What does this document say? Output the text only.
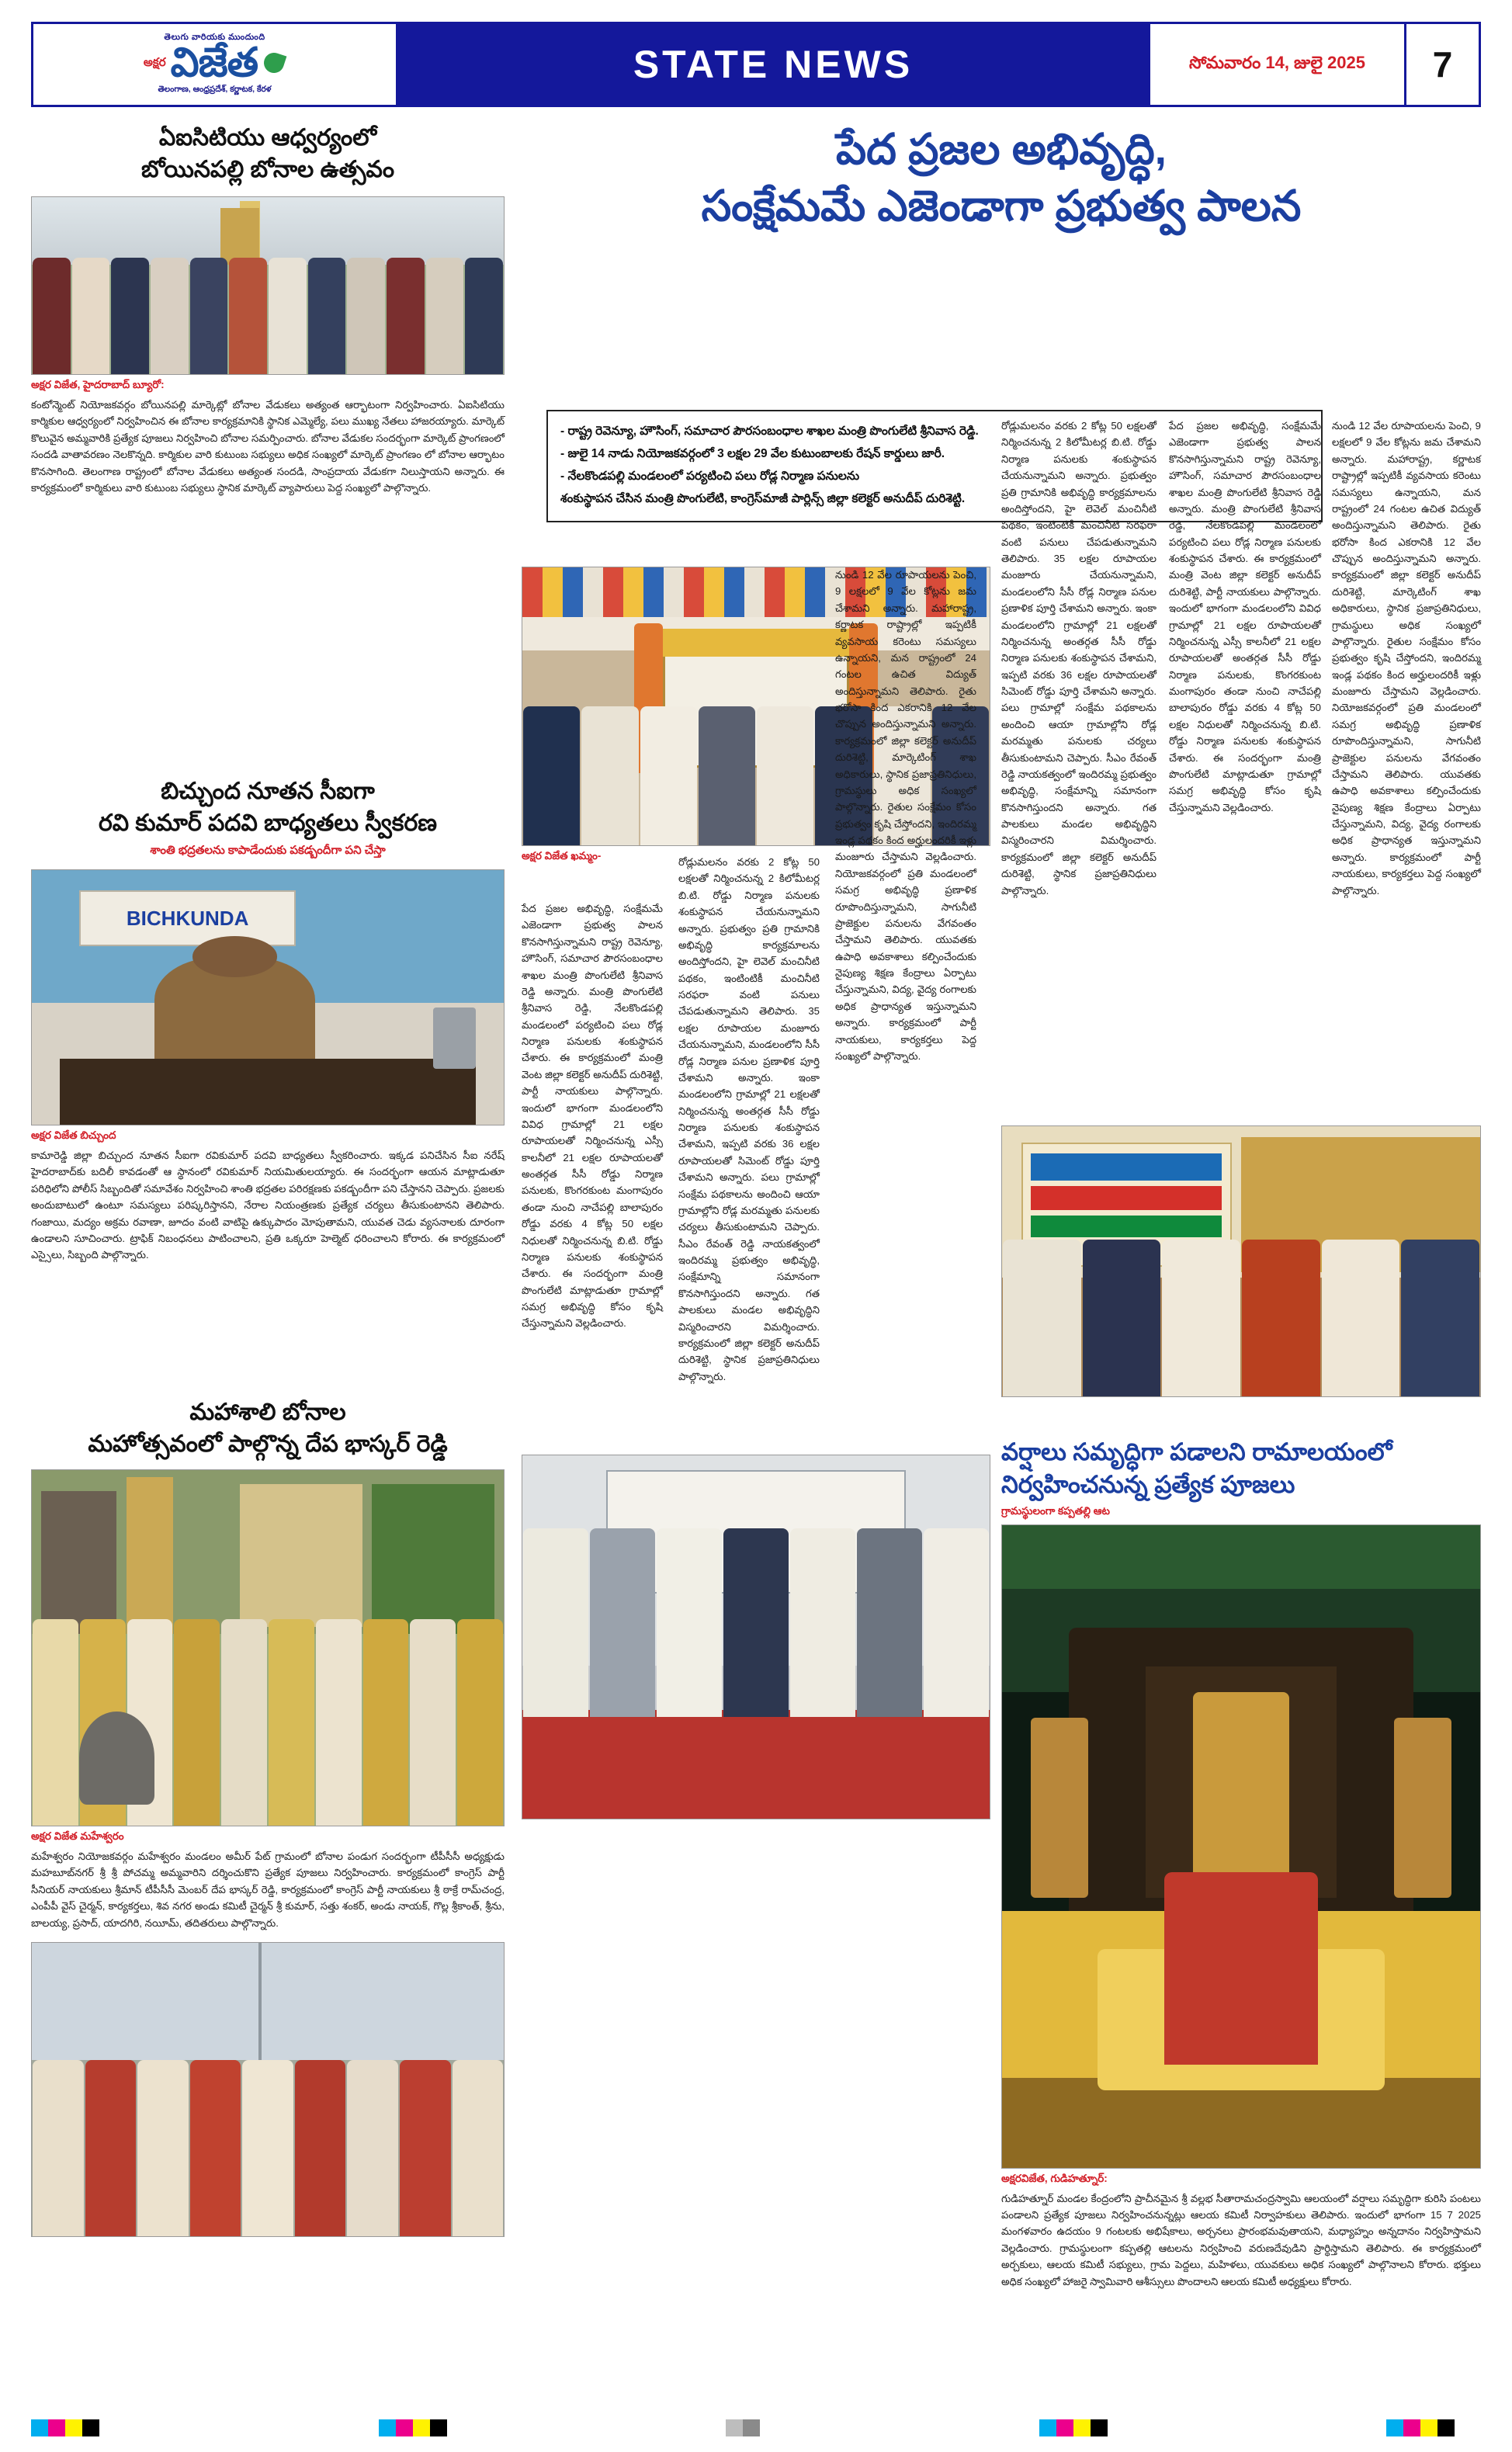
తెలుగు వారియకు ముందుంది
అక్షర విజేత
తెలంగాణ, ఆంధ్రప్రదేశ్, కర్ణాటక, కేరళ
STATE NEWS	సోమవారం 14, జులై 2025	7
ఏఐసిటియు ఆధ్వర్యంలో
బోయినపల్లి బోనాల ఉత్సవం
అక్షర విజేత, హైదరాబాద్ బ్యూరో:
కంటోన్మెంట్ నియోజకవర్గం బోయినపల్లి మార్కెట్లో బోనాల వేడుకలు అత్యంత ఆర్భాటంగా నిర్వహించారు. ఏఐసిటియు కార్మికుల ఆధ్వర్యంలో నిర్వహించిన ఈ బోనాల కార్యక్రమానికి స్థానిక ఎమ్మెల్యే, పలు ముఖ్య నేతలు హాజరయ్యారు. మార్కెట్ కొలువైన అమ్మవారికి ప్రత్యేక పూజలు నిర్వహించి బోనాల సమర్పించారు. బోనాల వేడుకల సందర్భంగా మార్కెట్ ప్రాంగణంలో సందడి వాతావరణం నెలకొన్నది. కార్మికుల వారి కుటుంబ సభ్యులు అధిక సంఖ్యలో మార్కెట్ ప్రాంగణం లో బోనాల ఆర్భాటం కొనసాగింది. తెలంగాణ రాష్ట్రంలో బోనాల వేడుకలు అత్యంత సందడి, సాంప్రదాయ వేడుకగా నిలుస్తాయని అన్నారు. ఈ కార్యక్రమంలో కార్మికులు వారి కుటుంబ సభ్యులు స్థానిక మార్కెట్ వ్యాపారులు పెద్ద సంఖ్యలో పాల్గొన్నారు.
బిచ్చుంద నూతన సీఐగా
రవి కుమార్ పదవి బాధ్యతలు స్వీకరణ
శాంతి భద్రతలను కాపాడేందుకు పకడ్బందీగా పని చేస్తా
BICHKUNDA
అక్షర విజేత బిచ్చుంద
కామారెడ్డి జిల్లా బిచ్చుంద నూతన సీఐగా రవికుమార్ పదవి బాధ్యతలు స్వీకరించారు. ఇక్కడ పనిచేసిన సీఐ నరేష్ హైదరాబాద్‌కు బదిలీ కావడంతో ఆ స్థానంలో రవికుమార్ నియమితులయ్యారు. ఈ సందర్భంగా ఆయన మాట్లాడుతూ పరిధిలోని పోలీస్ సిబ్బందితో సమావేశం నిర్వహించి శాంతి భద్రతల పరిరక్షణకు పకడ్బందీగా పని చేస్తానని చెప్పారు. ప్రజలకు అందుబాటులో ఉంటూ సమస్యలు పరిష్కరిస్తానని, నేరాల నియంత్రణకు ప్రత్యేక చర్యలు తీసుకుంటానని తెలిపారు. గంజాయి, మద్యం అక్రమ రవాణా, జూదం వంటి వాటిపై ఉక్కుపాదం మోపుతామని, యువత చెడు వ్యసనాలకు దూరంగా ఉండాలని సూచించారు. ట్రాఫిక్ నిబంధనలు పాటించాలని, ప్రతి ఒక్కరూ హెల్మెట్ ధరించాలని కోరారు. ఈ కార్యక్రమంలో ఎస్సైలు, సిబ్బంది పాల్గొన్నారు.
మహాశాలి బోనాల
మహోత్సవంలో పాల్గొన్న దేప భాస్కర్ రెడ్డి
అక్షర విజేత మహేశ్వరం
మహేశ్వరం నియోజకవర్గం మహేశ్వరం మండలం అమీర్ పేట్ గ్రామంలో బోనాల పండుగ సందర్భంగా టీపీసీసీ అధ్యక్షుడు మహబూబ్‌నగర్ శ్రీ శ్రీ పోచమ్మ అమ్మవారిని దర్శించుకొని ప్రత్యేక పూజలు నిర్వహించారు. కార్యక్రమంలో కాంగ్రెస్ పార్టీ సీనియర్ నాయకులు శ్రీమాన్ టీపీసీసీ మెంబర్ దేప భాస్కర్ రెడ్డి, కార్యక్రమంలో కాంగ్రెస్ పార్టీ నాయకులు శ్రీ ఠాక్రే రామ్‌చంద్ర, ఎంపీపీ వైస్ చైర్మన్, కార్యకర్తలు, శివ నగర అండు కమిటీ చైర్మన్ శ్రీ కుమార్, సత్తు శంకర్, అండు నాయక్, గొల్ల శ్రీకాంత్, శ్రీను, బాలయ్య, ప్రసాద్, యాదగిరి, నయీమ్, తదితరులు పాల్గొన్నారు.
పేద ప్రజల అభివృద్ధి,
సంక్షేమమే ఎజెండాగా ప్రభుత్వ పాలన
- రాష్ట్ర రెవెన్యూ, హౌసింగ్, సమాచార పౌరసంబంధాల శాఖల మంత్రి పొంగులేటి శ్రీనివాస రెడ్డి.
- జులై 14 నాడు నియోజకవర్గంలో 3 లక్షల 29 వేల కుటుంబాలకు రేషన్ కార్డులు జారీ.
- నేలకొండపల్లి మండలంలో పర్యటించి పలు రోడ్ల నిర్మాణ పనులను
శంకుస్థాపన చేసిన మంత్రి పొంగులేటి, కాంగ్రెస్‌మాజీ పార్లిన్స్ జిల్లా కలెక్టర్ అనుదీప్ దురిశెట్టి.
అక్షర విజేత ఖమ్మం-
పేద ప్రజల అభివృద్ధి, సంక్షేమమే ఎజెండాగా ప్రభుత్వ పాలన కొనసాగిస్తున్నామని రాష్ట్ర రెవెన్యూ, హౌసింగ్, సమాచార పౌరసంబంధాల శాఖల మంత్రి పొంగులేటి శ్రీనివాస రెడ్డి అన్నారు. మంత్రి పొంగులేటి శ్రీనివాస రెడ్డి, నేలకొండపల్లి మండలంలో పర్యటించి పలు రోడ్ల నిర్మాణ పనులకు శంకుస్థాపన చేశారు. ఈ కార్యక్రమంలో మంత్రి వెంట జిల్లా కలెక్టర్ అనుదీప్ దురిశెట్టి, పార్టీ నాయకులు పాల్గొన్నారు. ఇందులో భాగంగా మండలంలోని వివిధ గ్రామాల్లో 21 లక్షల రూపాయలతో నిర్మించనున్న ఎస్సీ కాలనీలో 21 లక్షల రూపాయలతో అంతర్గత సీసీ రోడ్డు నిర్మాణ పనులకు, కొంగరకుంట మంగాపురం తండా నుంచి నాచేపల్లి బాలాపురం రోడ్డు వరకు 4 కోట్ల 50 లక్షల నిధులతో నిర్మించనున్న బి.టి. రోడ్డు నిర్మాణ పనులకు శంకుస్థాపన చేశారు. ఈ సందర్భంగా మంత్రి పొంగులేటి మాట్లాడుతూ గ్రామాల్లో సమగ్ర అభివృద్ధి కోసం కృషి చేస్తున్నామని వెల్లడించారు.
రోడ్లుమలనం వరకు 2 కోట్ల 50 లక్షలతో నిర్మించనున్న 2 కిలోమీటర్ల బి.టి. రోడ్డు నిర్మాణ పనులకు శంకుస్థాపన చేయనున్నామని అన్నారు. ప్రభుత్వం ప్రతి గ్రామానికి అభివృద్ధి కార్యక్రమాలను అందిస్తోందని, హై లెవెల్ మంచినీటి పథకం, ఇంటింటికీ మంచినీటి సరఫరా వంటి పనులు చేపడుతున్నామని తెలిపారు. 35 లక్షల రూపాయల మంజూరు చేయనున్నామని, మండలంలోని సీసీ రోడ్ల నిర్మాణ పనుల ప్రణాళిక పూర్తి చేశామని అన్నారు. ఇంకా మండలంలోని గ్రామాల్లో 21 లక్షలతో నిర్మించనున్న అంతర్గత సీసీ రోడ్డు నిర్మాణ పనులకు శంకుస్థాపన చేశామని, ఇప్పటి వరకు 36 లక్షల రూపాయలతో సిమెంట్ రోడ్డు పూర్తి చేశామని అన్నారు. పలు గ్రామాల్లో సంక్షేమ పథకాలను అందించి ఆయా గ్రామాల్లోని రోడ్ల మరమ్మతు పనులకు చర్యలు తీసుకుంటామని చెప్పారు. సీఎం రేవంత్ రెడ్డి నాయకత్వంలో ఇందిరమ్మ ప్రభుత్వం అభివృద్ధి, సంక్షేమాన్ని సమానంగా కొనసాగిస్తుందని అన్నారు. గత పాలకులు మండల అభివృద్ధిని విస్మరించారని విమర్శించారు. కార్యక్రమంలో జిల్లా కలెక్టర్ అనుదీప్ దురిశెట్టి, స్థానిక ప్రజాప్రతినిధులు పాల్గొన్నారు.
నుండి 12 వేల రూపాయలను పెంచి, 9 లక్షలలో 9 వేల కోట్లను జమ చేశామని అన్నారు. మహారాష్ట్ర, కర్ణాటక రాష్ట్రాల్లో ఇప్పటికీ వ్యవసాయ కరెంటు సమస్యలు ఉన్నాయని, మన రాష్ట్రంలో 24 గంటల ఉచిత విద్యుత్ అందిస్తున్నామని తెలిపారు. రైతు భరోసా కింద ఎకరానికి 12 వేల చొప్పున అందిస్తున్నామని అన్నారు. కార్యక్రమంలో జిల్లా కలెక్టర్ అనుదీప్ దురిశెట్టి, మార్కెటింగ్ శాఖ అధికారులు, స్థానిక ప్రజాప్రతినిధులు, గ్రామస్థులు అధిక సంఖ్యలో పాల్గొన్నారు. రైతుల సంక్షేమం కోసం ప్రభుత్వం కృషి చేస్తోందని, ఇందిరమ్మ ఇండ్ల పథకం కింద అర్హులందరికీ ఇళ్లు మంజూరు చేస్తామని వెల్లడించారు. నియోజకవర్గంలో ప్రతి మండలంలో సమగ్ర అభివృద్ధి ప్రణాళిక రూపొందిస్తున్నామని, సాగునీటి ప్రాజెక్టుల పనులను వేగవంతం చేస్తామని తెలిపారు. యువతకు ఉపాధి అవకాశాలు కల్పించేందుకు నైపుణ్య శిక్షణ కేంద్రాలు ఏర్పాటు చేస్తున్నామని, విద్య, వైద్య రంగాలకు అధిక ప్రాధాన్యత ఇస్తున్నామని అన్నారు. కార్యక్రమంలో పార్టీ నాయకులు, కార్యకర్తలు పెద్ద సంఖ్యలో పాల్గొన్నారు.
రోడ్లుమలనం వరకు 2 కోట్ల 50 లక్షలతో నిర్మించనున్న 2 కిలోమీటర్ల బి.టి. రోడ్డు నిర్మాణ పనులకు శంకుస్థాపన చేయనున్నామని అన్నారు. ప్రభుత్వం ప్రతి గ్రామానికి అభివృద్ధి కార్యక్రమాలను అందిస్తోందని, హై లెవెల్ మంచినీటి పథకం, ఇంటింటికీ మంచినీటి సరఫరా వంటి పనులు చేపడుతున్నామని తెలిపారు. 35 లక్షల రూపాయల మంజూరు చేయనున్నామని, మండలంలోని సీసీ రోడ్ల నిర్మాణ పనుల ప్రణాళిక పూర్తి చేశామని అన్నారు. ఇంకా మండలంలోని గ్రామాల్లో 21 లక్షలతో నిర్మించనున్న అంతర్గత సీసీ రోడ్డు నిర్మాణ పనులకు శంకుస్థాపన చేశామని, ఇప్పటి వరకు 36 లక్షల రూపాయలతో సిమెంట్ రోడ్డు పూర్తి చేశామని అన్నారు. పలు గ్రామాల్లో సంక్షేమ పథకాలను అందించి ఆయా గ్రామాల్లోని రోడ్ల మరమ్మతు పనులకు చర్యలు తీసుకుంటామని చెప్పారు. సీఎం రేవంత్ రెడ్డి నాయకత్వంలో ఇందిరమ్మ ప్రభుత్వం అభివృద్ధి, సంక్షేమాన్ని సమానంగా కొనసాగిస్తుందని అన్నారు. గత పాలకులు మండల అభివృద్ధిని విస్మరించారని విమర్శించారు. కార్యక్రమంలో జిల్లా కలెక్టర్ అనుదీప్ దురిశెట్టి, స్థానిక ప్రజాప్రతినిధులు పాల్గొన్నారు.
పేద ప్రజల అభివృద్ధి, సంక్షేమమే ఎజెండాగా ప్రభుత్వ పాలన కొనసాగిస్తున్నామని రాష్ట్ర రెవెన్యూ, హౌసింగ్, సమాచార పౌరసంబంధాల శాఖల మంత్రి పొంగులేటి శ్రీనివాస రెడ్డి అన్నారు. మంత్రి పొంగులేటి శ్రీనివాస రెడ్డి, నేలకొండపల్లి మండలంలో పర్యటించి పలు రోడ్ల నిర్మాణ పనులకు శంకుస్థాపన చేశారు. ఈ కార్యక్రమంలో మంత్రి వెంట జిల్లా కలెక్టర్ అనుదీప్ దురిశెట్టి, పార్టీ నాయకులు పాల్గొన్నారు. ఇందులో భాగంగా మండలంలోని వివిధ గ్రామాల్లో 21 లక్షల రూపాయలతో నిర్మించనున్న ఎస్సీ కాలనీలో 21 లక్షల రూపాయలతో అంతర్గత సీసీ రోడ్డు నిర్మాణ పనులకు, కొంగరకుంట మంగాపురం తండా నుంచి నాచేపల్లి బాలాపురం రోడ్డు వరకు 4 కోట్ల 50 లక్షల నిధులతో నిర్మించనున్న బి.టి. రోడ్డు నిర్మాణ పనులకు శంకుస్థాపన చేశారు. ఈ సందర్భంగా మంత్రి పొంగులేటి మాట్లాడుతూ గ్రామాల్లో సమగ్ర అభివృద్ధి కోసం కృషి చేస్తున్నామని వెల్లడించారు.
నుండి 12 వేల రూపాయలను పెంచి, 9 లక్షలలో 9 వేల కోట్లను జమ చేశామని అన్నారు. మహారాష్ట్ర, కర్ణాటక రాష్ట్రాల్లో ఇప్పటికీ వ్యవసాయ కరెంటు సమస్యలు ఉన్నాయని, మన రాష్ట్రంలో 24 గంటల ఉచిత విద్యుత్ అందిస్తున్నామని తెలిపారు. రైతు భరోసా కింద ఎకరానికి 12 వేల చొప్పున అందిస్తున్నామని అన్నారు. కార్యక్రమంలో జిల్లా కలెక్టర్ అనుదీప్ దురిశెట్టి, మార్కెటింగ్ శాఖ అధికారులు, స్థానిక ప్రజాప్రతినిధులు, గ్రామస్థులు అధిక సంఖ్యలో పాల్గొన్నారు. రైతుల సంక్షేమం కోసం ప్రభుత్వం కృషి చేస్తోందని, ఇందిరమ్మ ఇండ్ల పథకం కింద అర్హులందరికీ ఇళ్లు మంజూరు చేస్తామని వెల్లడించారు. నియోజకవర్గంలో ప్రతి మండలంలో సమగ్ర అభివృద్ధి ప్రణాళిక రూపొందిస్తున్నామని, సాగునీటి ప్రాజెక్టుల పనులను వేగవంతం చేస్తామని తెలిపారు. యువతకు ఉపాధి అవకాశాలు కల్పించేందుకు నైపుణ్య శిక్షణ కేంద్రాలు ఏర్పాటు చేస్తున్నామని, విద్య, వైద్య రంగాలకు అధిక ప్రాధాన్యత ఇస్తున్నామని అన్నారు. కార్యక్రమంలో పార్టీ నాయకులు, కార్యకర్తలు పెద్ద సంఖ్యలో పాల్గొన్నారు.
వర్షాలు సమృద్ధిగా పడాలని రామాలయంలో
నిర్వహించనున్న ప్రత్యేక పూజలు
గ్రామస్థులంగా కప్పతల్లి ఆట
అక్షరవిజేత, గుడిహత్నూర్:
గుడిహత్నూర్ మండల కేంద్రంలోని ప్రాచీనమైన శ్రీ వల్లభ సీతారామచంద్రస్వామి ఆలయంలో వర్షాలు సమృద్ధిగా కురిసి పంటలు పండాలని ప్రత్యేక పూజలు నిర్వహించనున్నట్లు ఆలయ కమిటీ నిర్వాహకులు తెలిపారు. ఇందులో భాగంగా 15 7 2025 మంగళవారం ఉదయం 9 గంటలకు అభిషేకాలు, అర్చనలు ప్రారంభమవుతాయని, మధ్యాహ్నం అన్నదానం నిర్వహిస్తామని వెల్లడించారు. గ్రామస్థులంగా కప్పతల్లి ఆటలను నిర్వహించి వరుణదేవుడిని ప్రార్థిస్తామని తెలిపారు. ఈ కార్యక్రమంలో అర్చకులు, ఆలయ కమిటీ సభ్యులు, గ్రామ పెద్దలు, మహిళలు, యువకులు అధిక సంఖ్యలో పాల్గొనాలని కోరారు. భక్తులు అధిక సంఖ్యలో హాజరై స్వామివారి ఆశీస్సులు పొందాలని ఆలయ కమిటీ అధ్యక్షులు కోరారు.
